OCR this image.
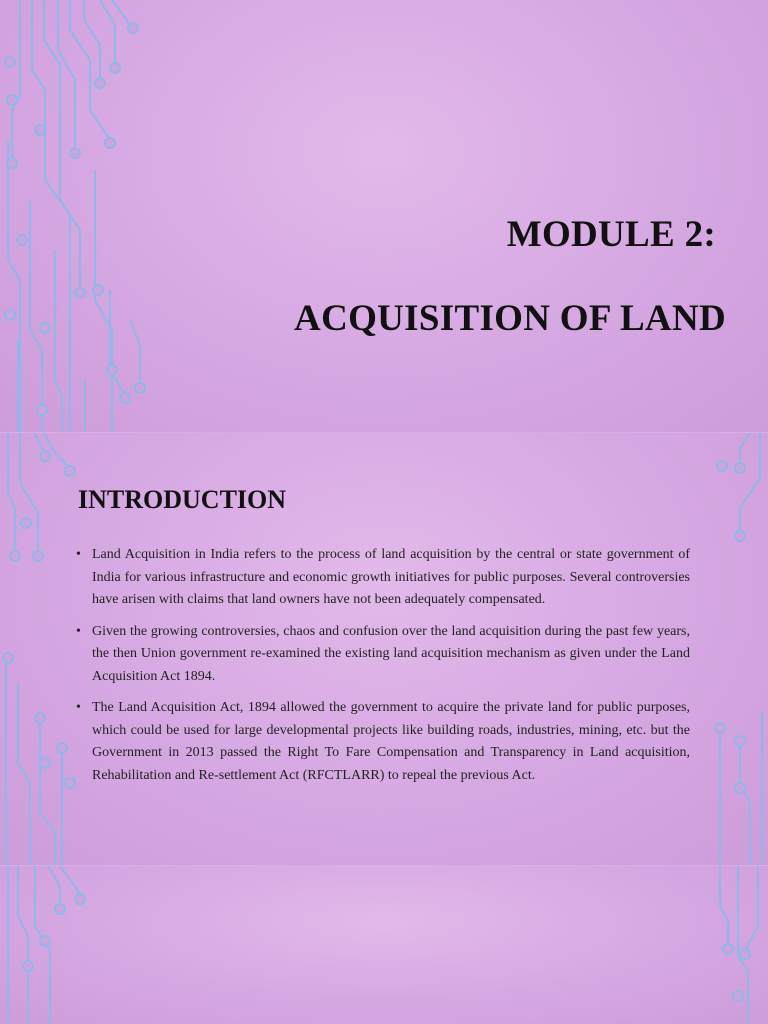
MODULE 2:
ACQUISITION OF LAND
INTRODUCTION
• Land Acquisition in India refers to the process of land acquisition by the central or state government of India for various infrastructure and economic growth initiatives for public purposes. Several controversies have arisen with claims that land owners have not been adequately compensated.
• Given the growing controversies, chaos and confusion over the land acquisition during the past few years, the then Union government re-examined the existing land acquisition mechanism as given under the Land Acquisition Act 1894.
• The Land Acquisition Act, 1894 allowed the government to acquire the private land for public purposes, which could be used for large developmental projects like building roads, industries, mining, etc. but the Government in 2013 passed the Right To Fare Compensation and Transparency in Land acquisition, Rehabilitation and Re-settlement Act (RFCTLARR) to repeal the previous Act.
